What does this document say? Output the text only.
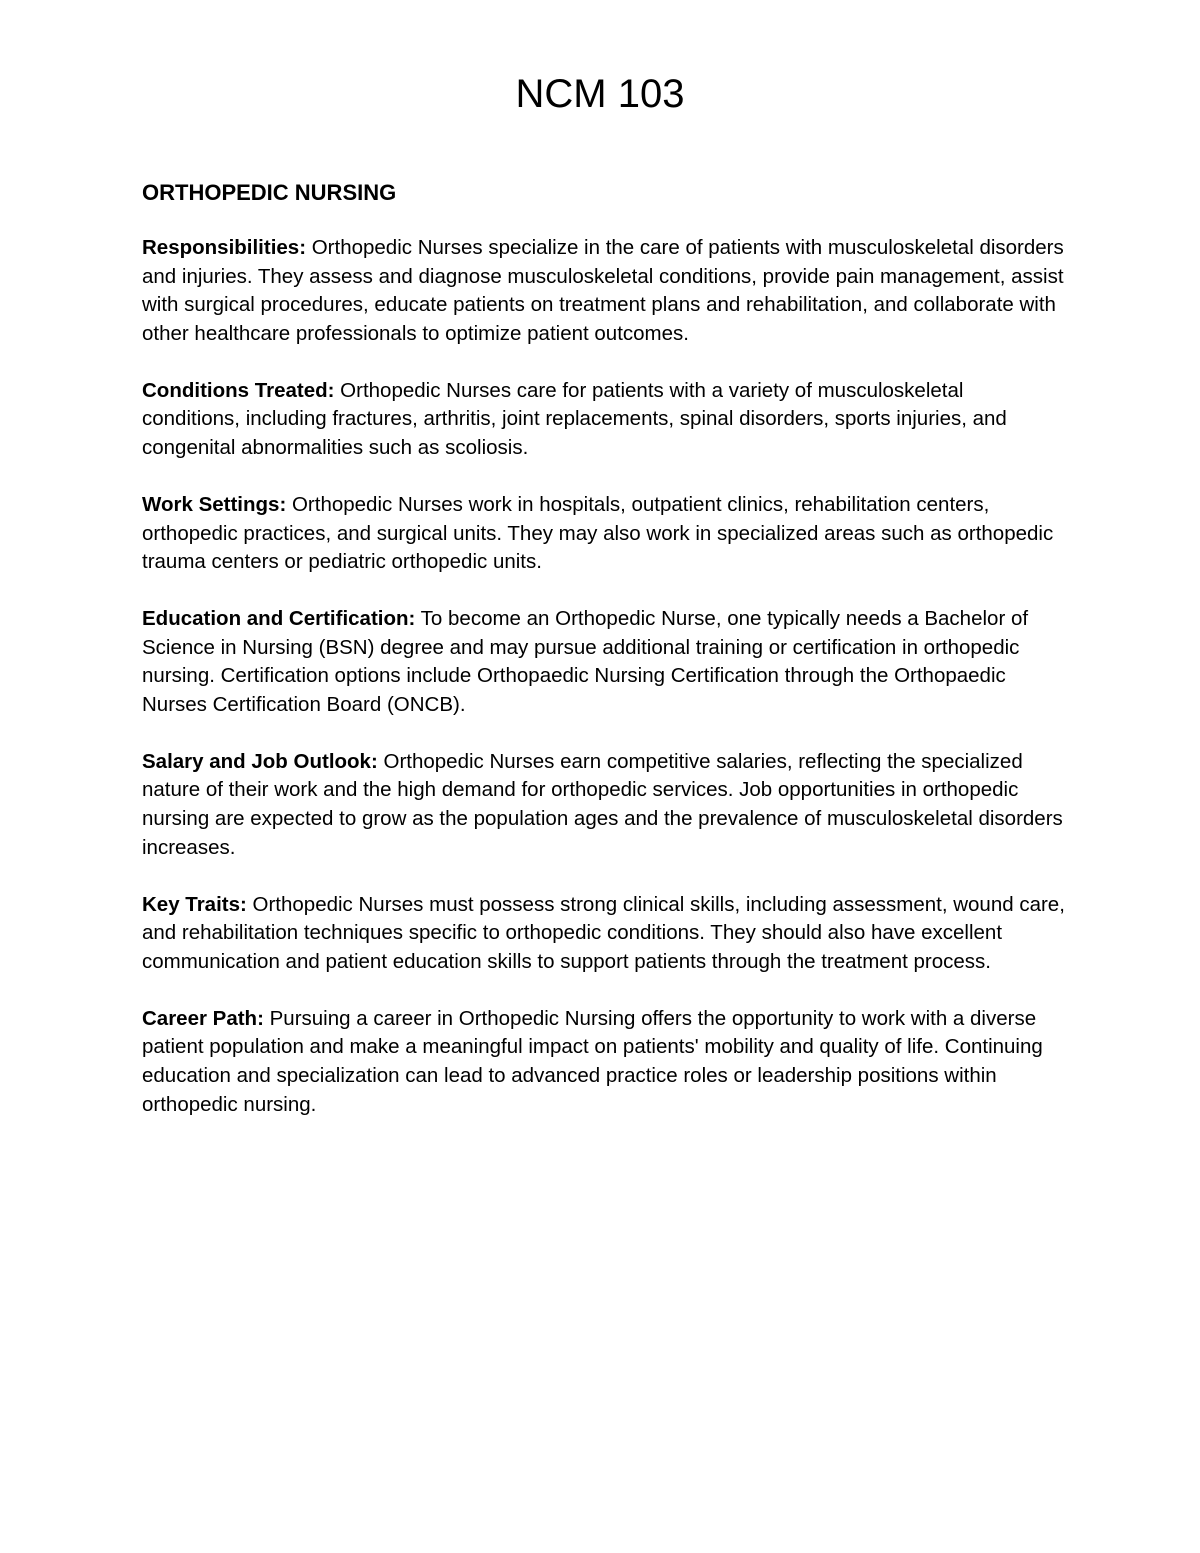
NCM 103
ORTHOPEDIC NURSING

Responsibilities: Orthopedic Nurses specialize in the care of patients with musculoskeletal disorders and injuries. They assess and diagnose musculoskeletal conditions, provide pain management, assist with surgical procedures, educate patients on treatment plans and rehabilitation, and collaborate with other healthcare professionals to optimize patient outcomes.

Conditions Treated: Orthopedic Nurses care for patients with a variety of musculoskeletal conditions, including fractures, arthritis, joint replacements, spinal disorders, sports injuries, and congenital abnormalities such as scoliosis.

Work Settings: Orthopedic Nurses work in hospitals, outpatient clinics, rehabilitation centers, orthopedic practices, and surgical units. They may also work in specialized areas such as orthopedic trauma centers or pediatric orthopedic units.

Education and Certification: To become an Orthopedic Nurse, one typically needs a Bachelor of Science in Nursing (BSN) degree and may pursue additional training or certification in orthopedic nursing. Certification options include Orthopaedic Nursing Certification through the Orthopaedic Nurses Certification Board (ONCB).

Salary and Job Outlook: Orthopedic Nurses earn competitive salaries, reflecting the specialized nature of their work and the high demand for orthopedic services. Job opportunities in orthopedic nursing are expected to grow as the population ages and the prevalence of musculoskeletal disorders increases.

Key Traits: Orthopedic Nurses must possess strong clinical skills, including assessment, wound care, and rehabilitation techniques specific to orthopedic conditions. They should also have excellent communication and patient education skills to support patients through the treatment process.

Career Path: Pursuing a career in Orthopedic Nursing offers the opportunity to work with a diverse patient population and make a meaningful impact on patients' mobility and quality of life. Continuing education and specialization can lead to advanced practice roles or leadership positions within orthopedic nursing.
